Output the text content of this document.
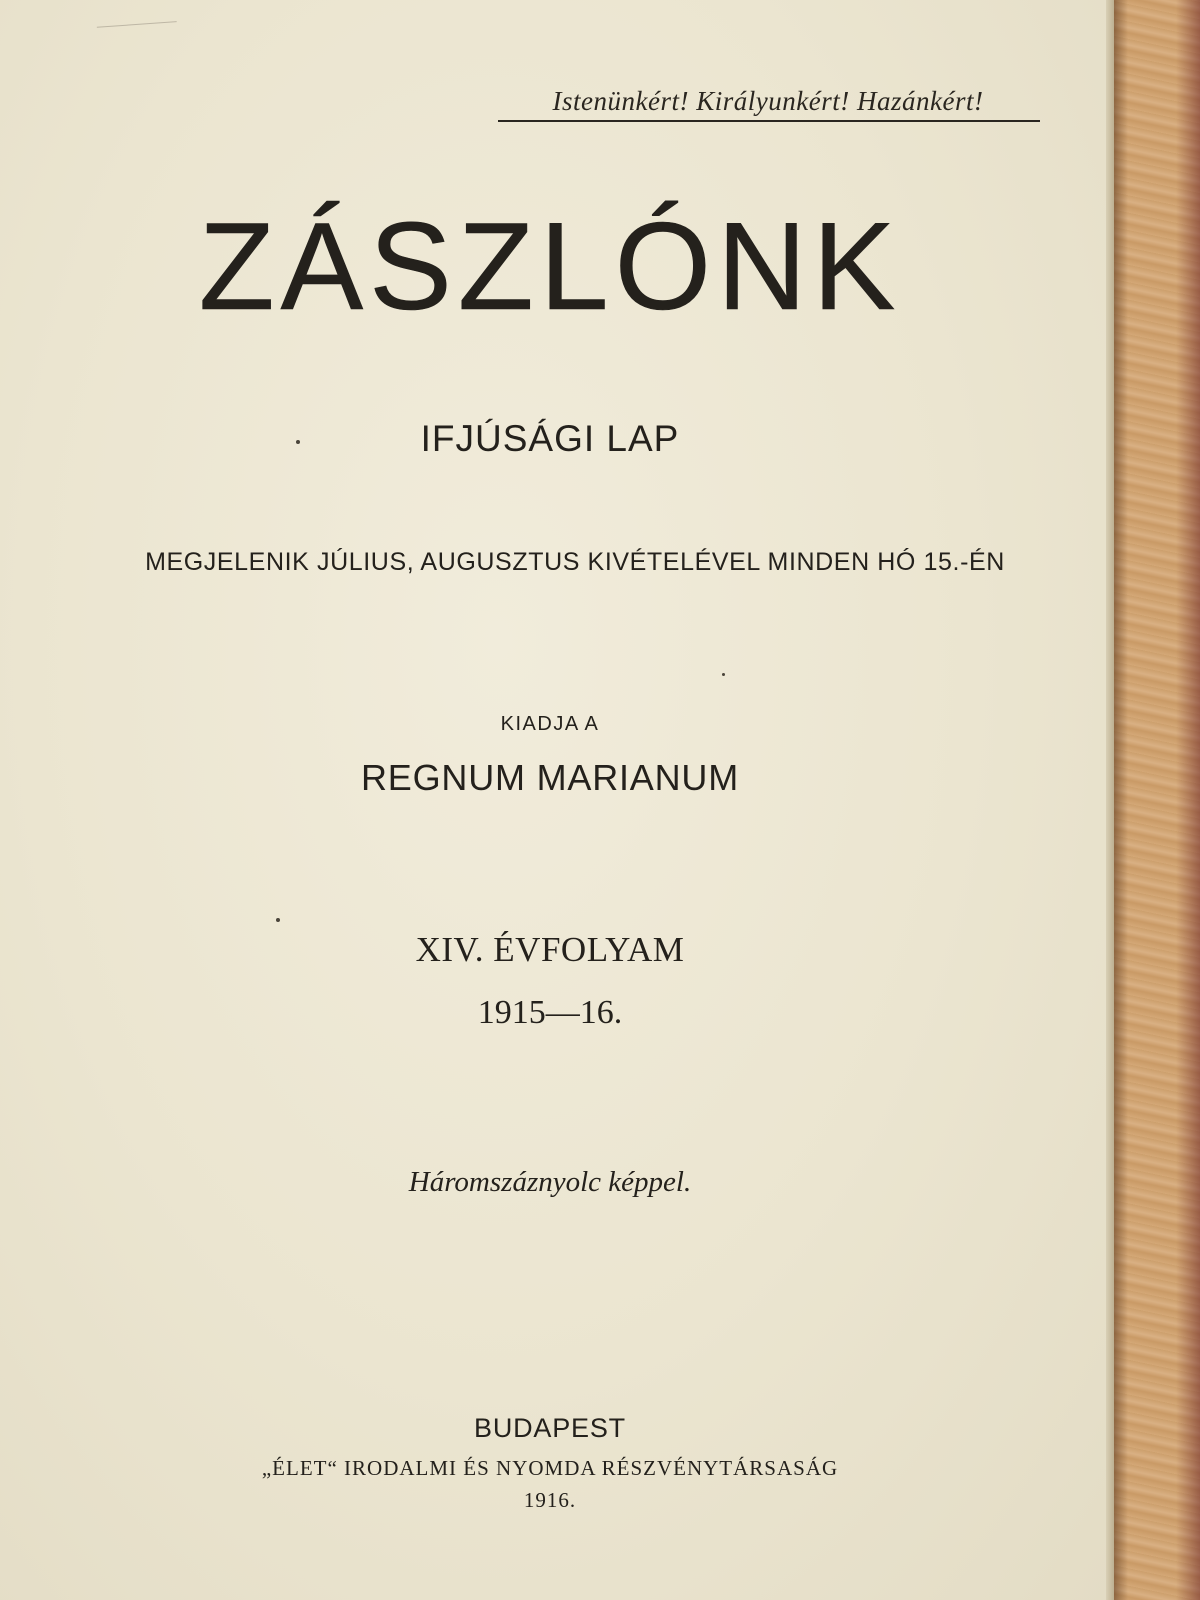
Istenünkért! Királyunkért! Hazánkért!
ZÁSZLÓNK
IFJÚSÁGI LAP
MEGJELENIK JÚLIUS, AUGUSZTUS KIVÉTELÉVEL MINDEN HÓ 15.-ÉN
KIADJA A
REGNUM MARIANUM
XIV. ÉVFOLYAM
1915—16.
Háromszáznyolc képpel.
BUDAPEST
„ÉLET“ IRODALMI ÉS NYOMDA RÉSZVÉNYTÁRSASÁG
1916.
